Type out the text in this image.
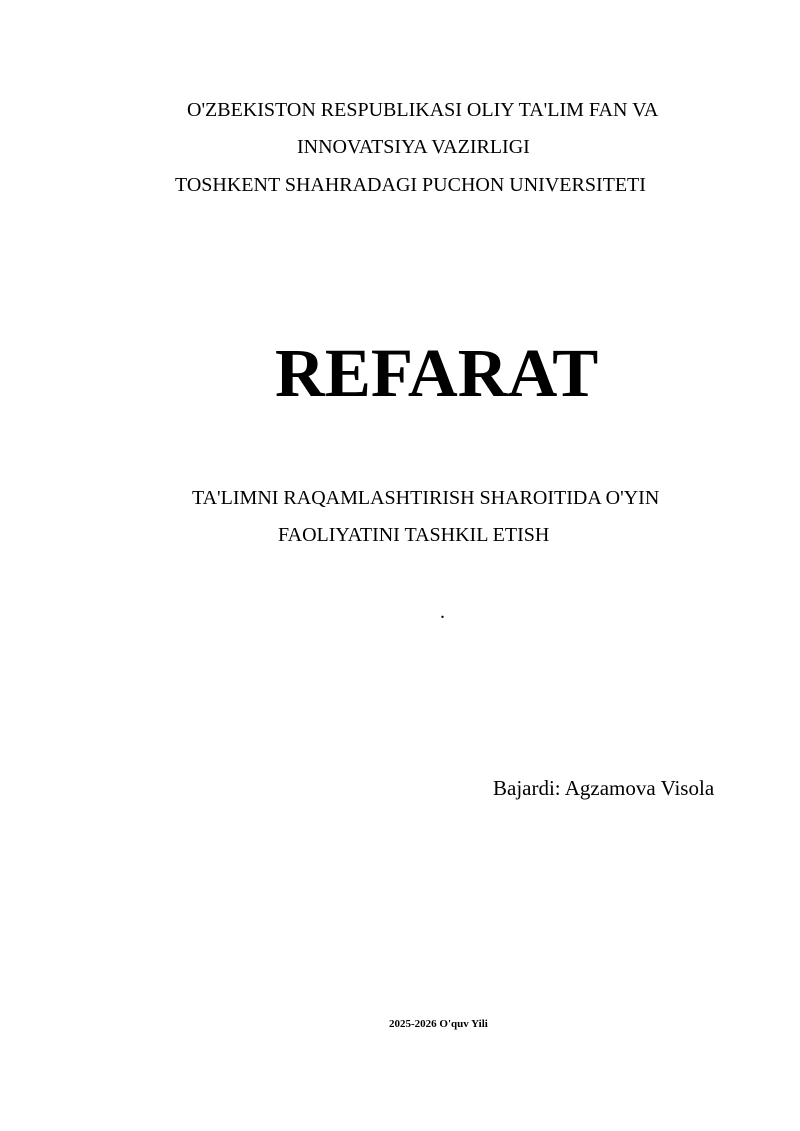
O'ZBEKISTON RESPUBLIKASI OLIY TA'LIM FAN VA
INNOVATSIYA VAZIRLIGI
TOSHKENT SHAHRADAGI PUCHON UNIVERSITETI
REFARAT
TA'LIMNI RAQAMLASHTIRISH SHAROITIDA O'YIN
FAOLIYATINI TASHKIL ETISH
.
Bajardi: Agzamova Visola
2025-2026 O'quv Yili
